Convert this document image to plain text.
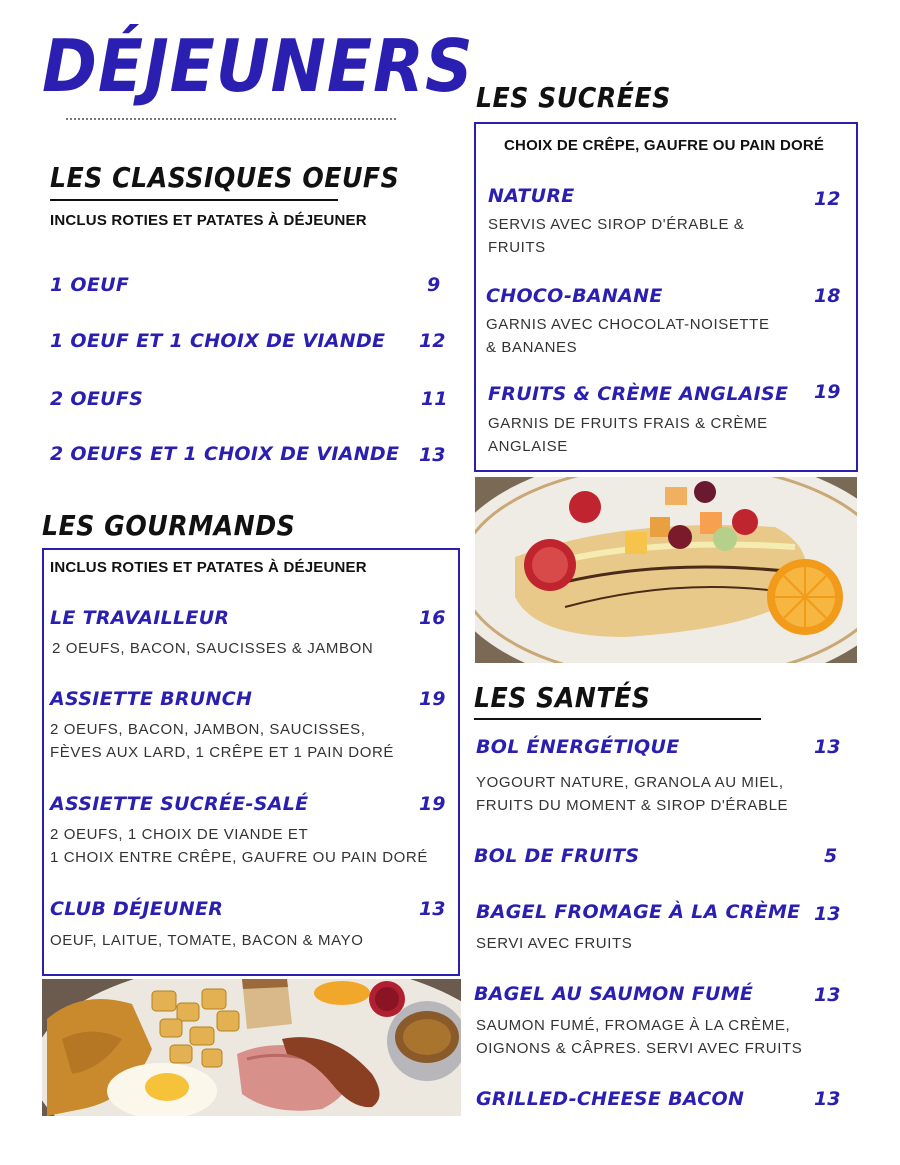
DÉJEUNERS
LES CLASSIQUES OEUFS
INCLUS ROTIES ET PATATES À DÉJEUNER
1 OEUF	9
1 OEUF ET 1 CHOIX DE VIANDE 12
2 OEUFS	11
2 OEUFS ET 1 CHOIX DE VIANDE 13
LES GOURMANDS
INCLUS ROTIES ET PATATES À DÉJEUNER
LE TRAVAILLEUR	16
2 OEUFS, BACON, SAUCISSES & JAMBON
ASSIETTE BRUNCH	19
2 OEUFS, BACON, JAMBON, SAUCISSES,
FÈVES AUX LARD, 1 CRÊPE ET 1 PAIN DORÉ
ASSIETTE SUCRÉE-SALÉ	19
2 OEUFS, 1 CHOIX DE VIANDE ET
1 CHOIX ENTRE CRÊPE, GAUFRE OU PAIN DORÉ
CLUB DÉJEUNER	13
OEUF, LAITUE, TOMATE, BACON & MAYO
LES SUCRÉES
CHOIX DE CRÊPE, GAUFRE OU PAIN DORÉ
NATURE	12
SERVIS AVEC SIROP D'ÉRABLE &
FRUITS
CHOCO-BANANE	18
GARNIS AVEC CHOCOLAT-NOISETTE
& BANANES
FRUITS & CRÈME ANGLAISE 19
GARNIS DE FRUITS FRAIS & CRÈME
ANGLAISE
LES SANTÉS
BOL ÉNERGÉTIQUE	13
YOGOURT NATURE, GRANOLA AU MIEL,
FRUITS DU MOMENT & SIROP D'ÉRABLE
BOL DE FRUITS	5
BAGEL FROMAGE À LA CRÈME 13
SERVI AVEC FRUITS
BAGEL AU SAUMON FUMÉ	13
SAUMON FUMÉ, FROMAGE À LA CRÈME,
OIGNONS & CÂPRES. SERVI AVEC FRUITS
GRILLED-CHEESE BACON	13
